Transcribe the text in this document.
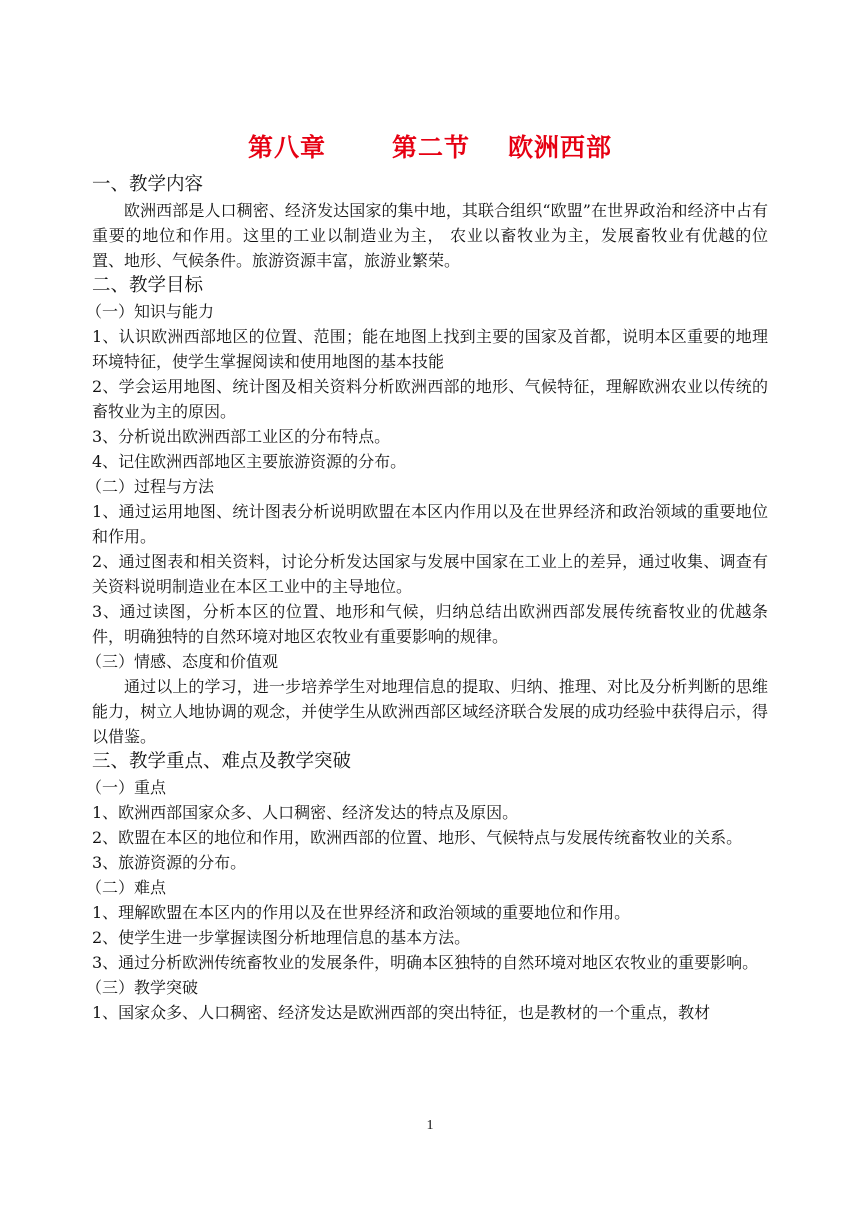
第八章	第二节 欧洲西部

一、教学内容

欧洲西部是人口稠密、经济发达国家的集中地，其联合组织“欧盟”在世界政治和经济中占有重要的地位和作用。这里的工业以制造业为主， 农业以畜牧业为主，发展畜牧业有优越的位置、地形、气候条件。旅游资源丰富，旅游业繁荣。

二、教学目标

（一）知识与能力

1、认识欧洲西部地区的位置、范围；能在地图上找到主要的国家及首都，说明本区重要的地理环境特征，使学生掌握阅读和使用地图的基本技能

2、学会运用地图、统计图及相关资料分析欧洲西部的地形、气候特征，理解欧洲农业以传统的畜牧业为主的原因。

3、分析说出欧洲西部工业区的分布特点。

4、记住欧洲西部地区主要旅游资源的分布。

（二）过程与方法

1、通过运用地图、统计图表分析说明欧盟在本区内作用以及在世界经济和政治领域的重要地位和作用。

2、通过图表和相关资料，讨论分析发达国家与发展中国家在工业上的差异，通过收集、调查有关资料说明制造业在本区工业中的主导地位。

3、通过读图，分析本区的位置、地形和气候，归纳总结出欧洲西部发展传统畜牧业的优越条件，明确独特的自然环境对地区农牧业有重要影响的规律。

（三）情感、态度和价值观

通过以上的学习，进一步培养学生对地理信息的提取、归纳、推理、对比及分析判断的思维能力，树立人地协调的观念，并使学生从欧洲西部区域经济联合发展的成功经验中获得启示，得以借鉴。

三、教学重点、难点及教学突破

（一）重点

1、欧洲西部国家众多、人口稠密、经济发达的特点及原因。

2、欧盟在本区的地位和作用，欧洲西部的位置、地形、气候特点与发展传统畜牧业的关系。

3、旅游资源的分布。

（二）难点

1、理解欧盟在本区内的作用以及在世界经济和政治领域的重要地位和作用。

2、使学生进一步掌握读图分析地理信息的基本方法。

3、通过分析欧洲传统畜牧业的发展条件，明确本区独特的自然环境对地区农牧业的重要影响。

（三）教学突破

1、国家众多、人口稠密、经济发达是欧洲西部的突出特征，也是教材的一个重点，教材

1
